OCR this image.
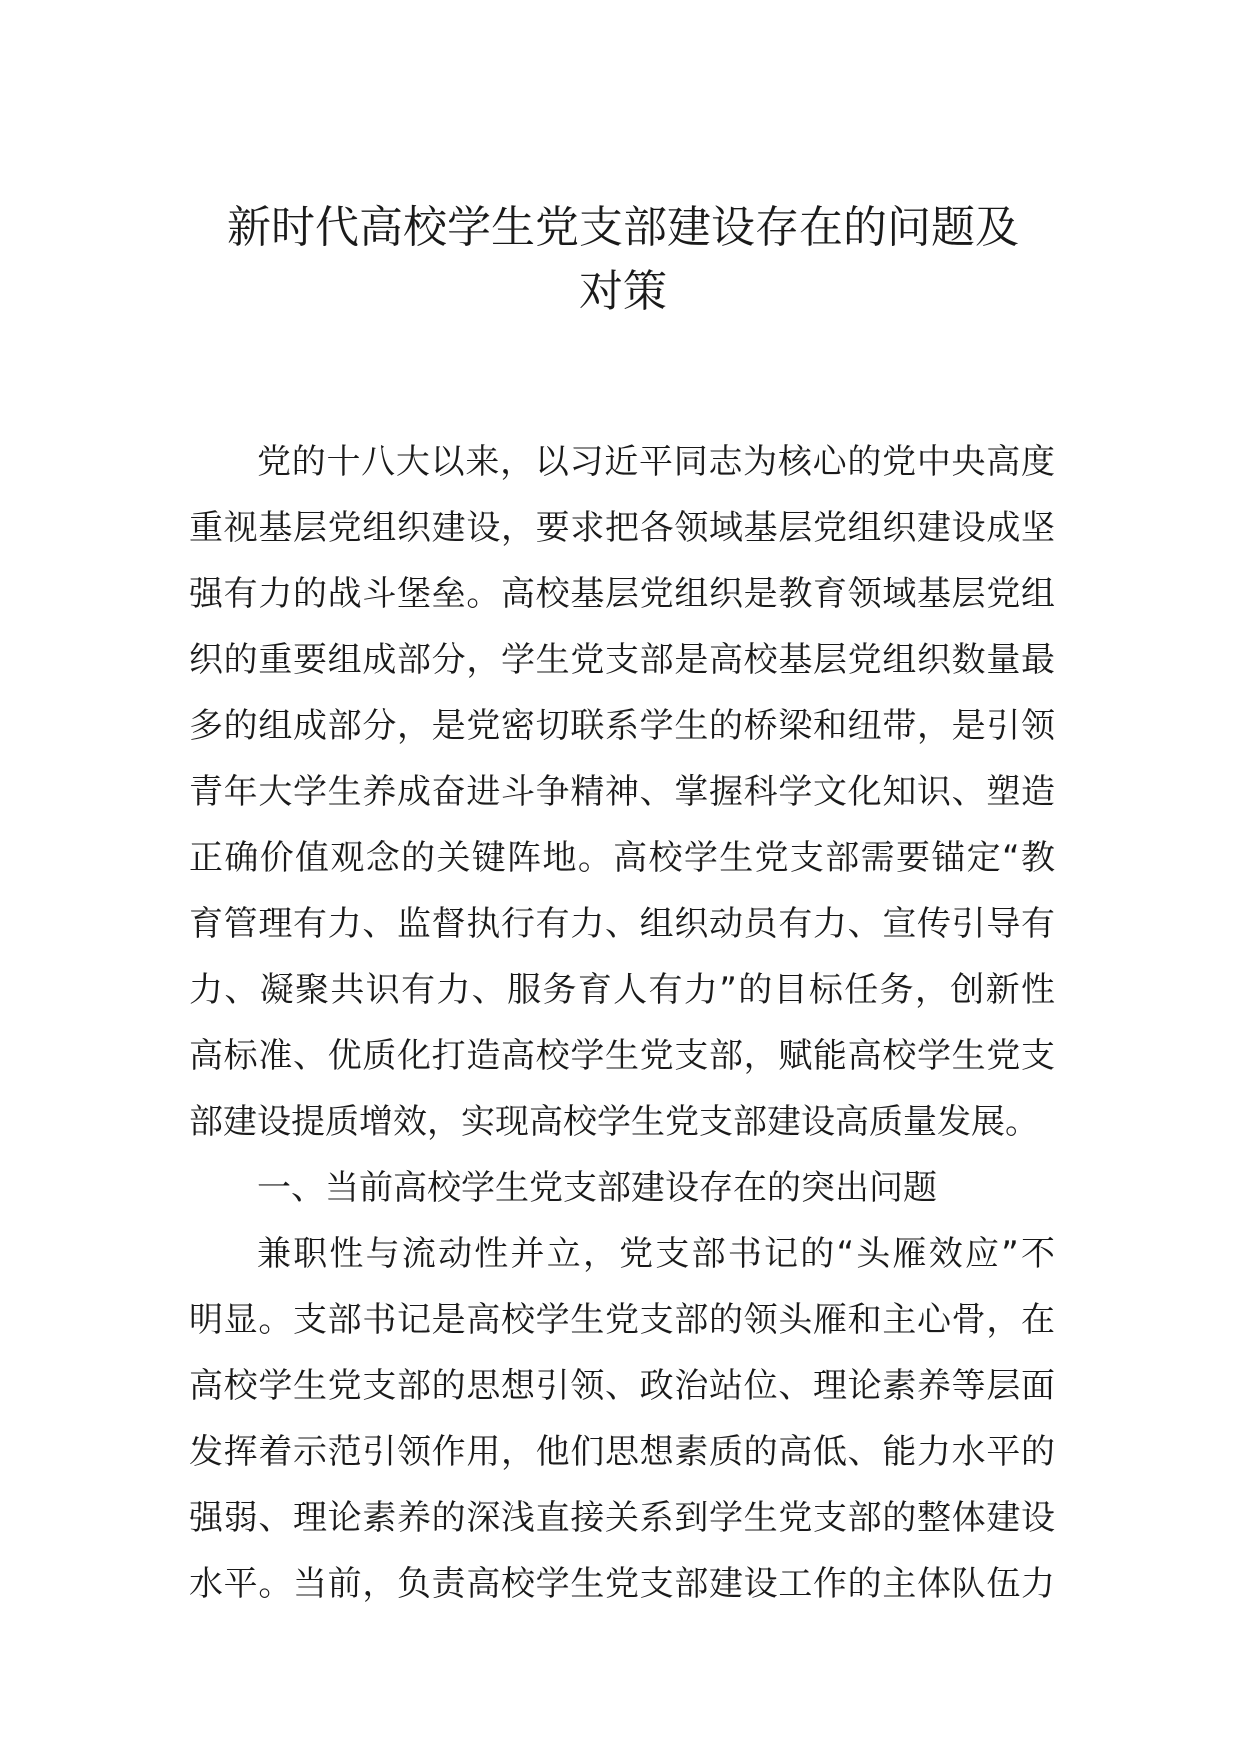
新时代高校学生党支部建设存在的问题及
对策
党的十八大以来，以习近平同志为核心的党中央高度
重视基层党组织建设，要求把各领域基层党组织建设成坚
强有力的战斗堡垒。高校基层党组织是教育领域基层党组
织的重要组成部分，学生党支部是高校基层党组织数量最
多的组成部分，是党密切联系学生的桥梁和纽带，是引领
青年大学生养成奋进斗争精神、掌握科学文化知识、塑造
正确价值观念的关键阵地。高校学生党支部需要锚定“教
育管理有力、监督执行有力、组织动员有力、宣传引导有
力、凝聚共识有力、服务育人有力”的目标任务，创新性
高标准、优质化打造高校学生党支部，赋能高校学生党支
部建设提质增效，实现高校学生党支部建设高质量发展。
一、当前高校学生党支部建设存在的突出问题
兼职性与流动性并立，党支部书记的“头雁效应”不
明显。支部书记是高校学生党支部的领头雁和主心骨，在
高校学生党支部的思想引领、政治站位、理论素养等层面
发挥着示范引领作用，他们思想素质的高低、能力水平的
强弱、理论素养的深浅直接关系到学生党支部的整体建设
水平。当前，负责高校学生党支部建设工作的主体队伍力
